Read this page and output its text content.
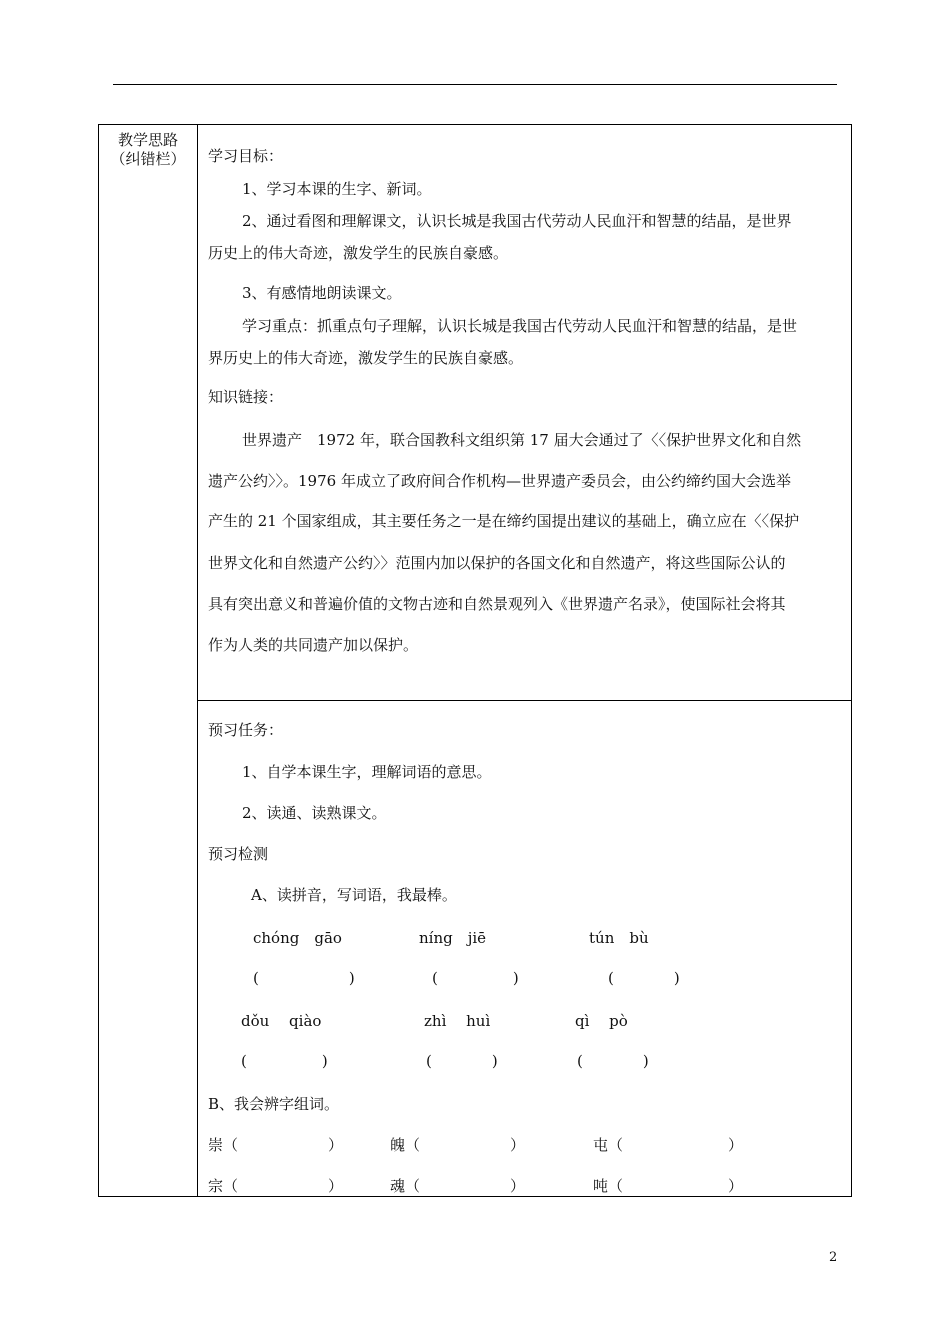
教学思路
（纠错栏）	学习目标：
1、学习本课的生字、新词。
2、通过看图和理解课文，认识长城是我国古代劳动人民血汗和智慧的结晶，是世界
历史上的伟大奇迹，激发学生的民族自豪感。
3、有感情地朗读课文。
学习重点：抓重点句子理解，认识长城是我国古代劳动人民血汗和智慧的结晶，是世
界历史上的伟大奇迹，激发学生的民族自豪感。
知识链接：
世界遗产　1972 年，联合国教科文组织第 17 届大会通过了〈〈保护世界文化和自然
遗产公约〉〉。1976 年成立了政府间合作机构—世界遗产委员会，由公约缔约国大会选举
产生的 21 个国家组成，其主要任务之一是在缔约国提出建议的基础上，确立应在〈〈保护
世界文化和自然遗产公约〉〉范围内加以保护的各国文化和自然遗产，将这些国际公认的
具有突出意义和普遍价值的文物古迹和自然景观列入《世界遗产名录》，使国际社会将其
作为人类的共同遗产加以保护。
预习任务：
1、自学本课生字，理解词语的意思。
2、读通、读熟课文。
预习检测
A、读拼音，写词语，我最棒。
chóng　gāo	níng　jiē	tún　bù
(　　　　　　)	(　　　　　)	(　　　　)
dǒu　 qiào	zhì　 huì	qì　 pò
(　　　　　)	(　　　　)	(　　　　)
B、我会辨字组词。
崇（　　　　　　）	魄（　　　　　　）	屯（　　　　　　　）
宗（　　　　　　）	魂（　　　　　　）	吨（　　　　　　　）
2
